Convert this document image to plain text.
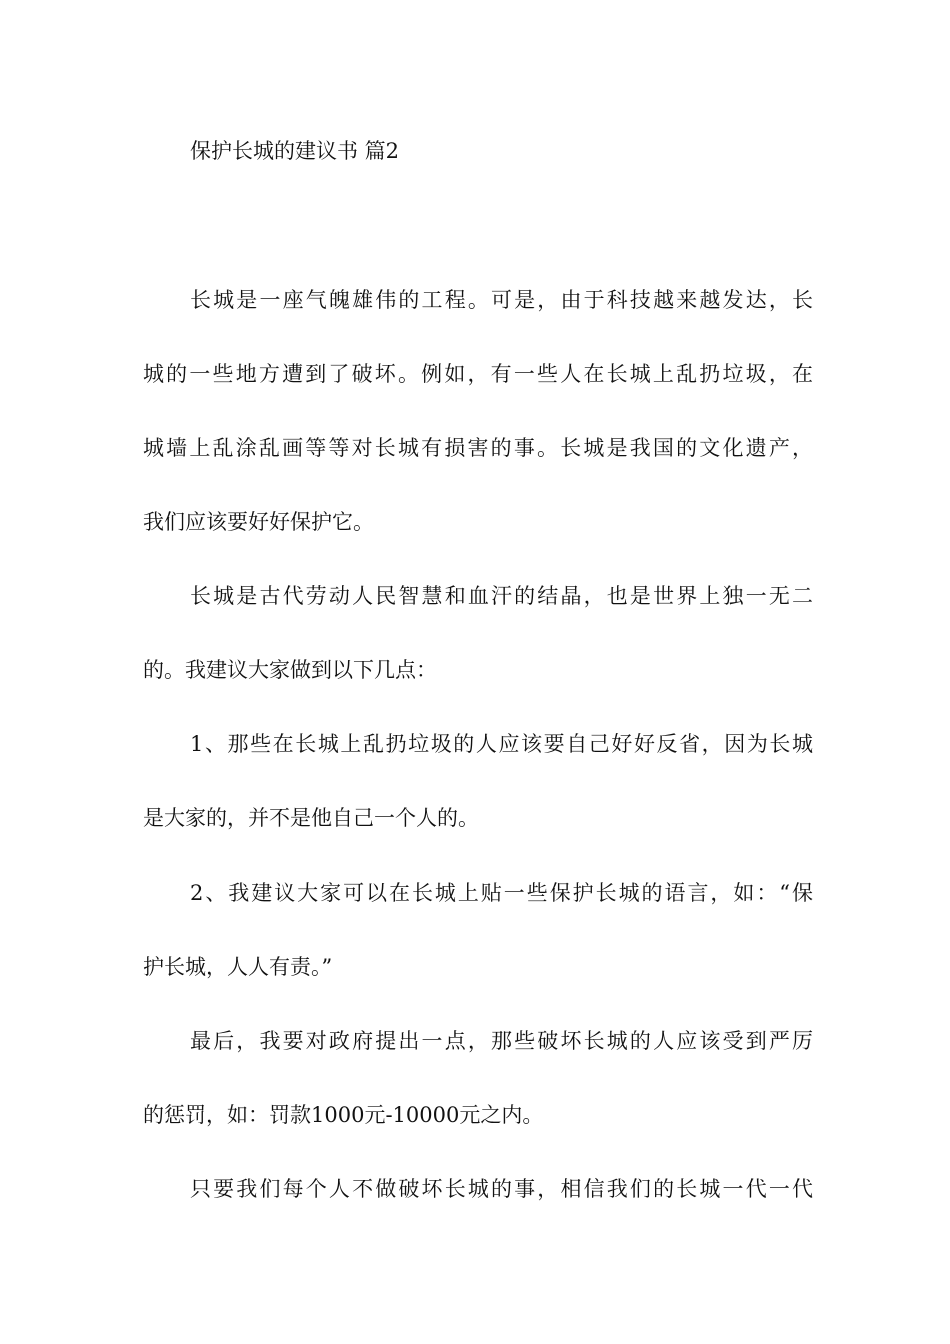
保护长城的建议书 篇2

长城是一座气魄雄伟的工程。可是，由于科技越来越发达，长

城的一些地方遭到了破坏。例如，有一些人在长城上乱扔垃圾，在

城墙上乱涂乱画等等对长城有损害的事。长城是我国的文化遗产，

我们应该要好好保护它。

长城是古代劳动人民智慧和血汗的结晶，也是世界上独一无二

的。我建议大家做到以下几点：

1、那些在长城上乱扔垃圾的人应该要自己好好反省，因为长城

是大家的，并不是他自己一个人的。

2、我建议大家可以在长城上贴一些保护长城的语言，如：“保

护长城，人人有责。”

最后，我要对政府提出一点，那些破坏长城的人应该受到严厉

的惩罚，如：罚款1000元-10000元之内。

只要我们每个人不做破坏长城的事，相信我们的长城一代一代
